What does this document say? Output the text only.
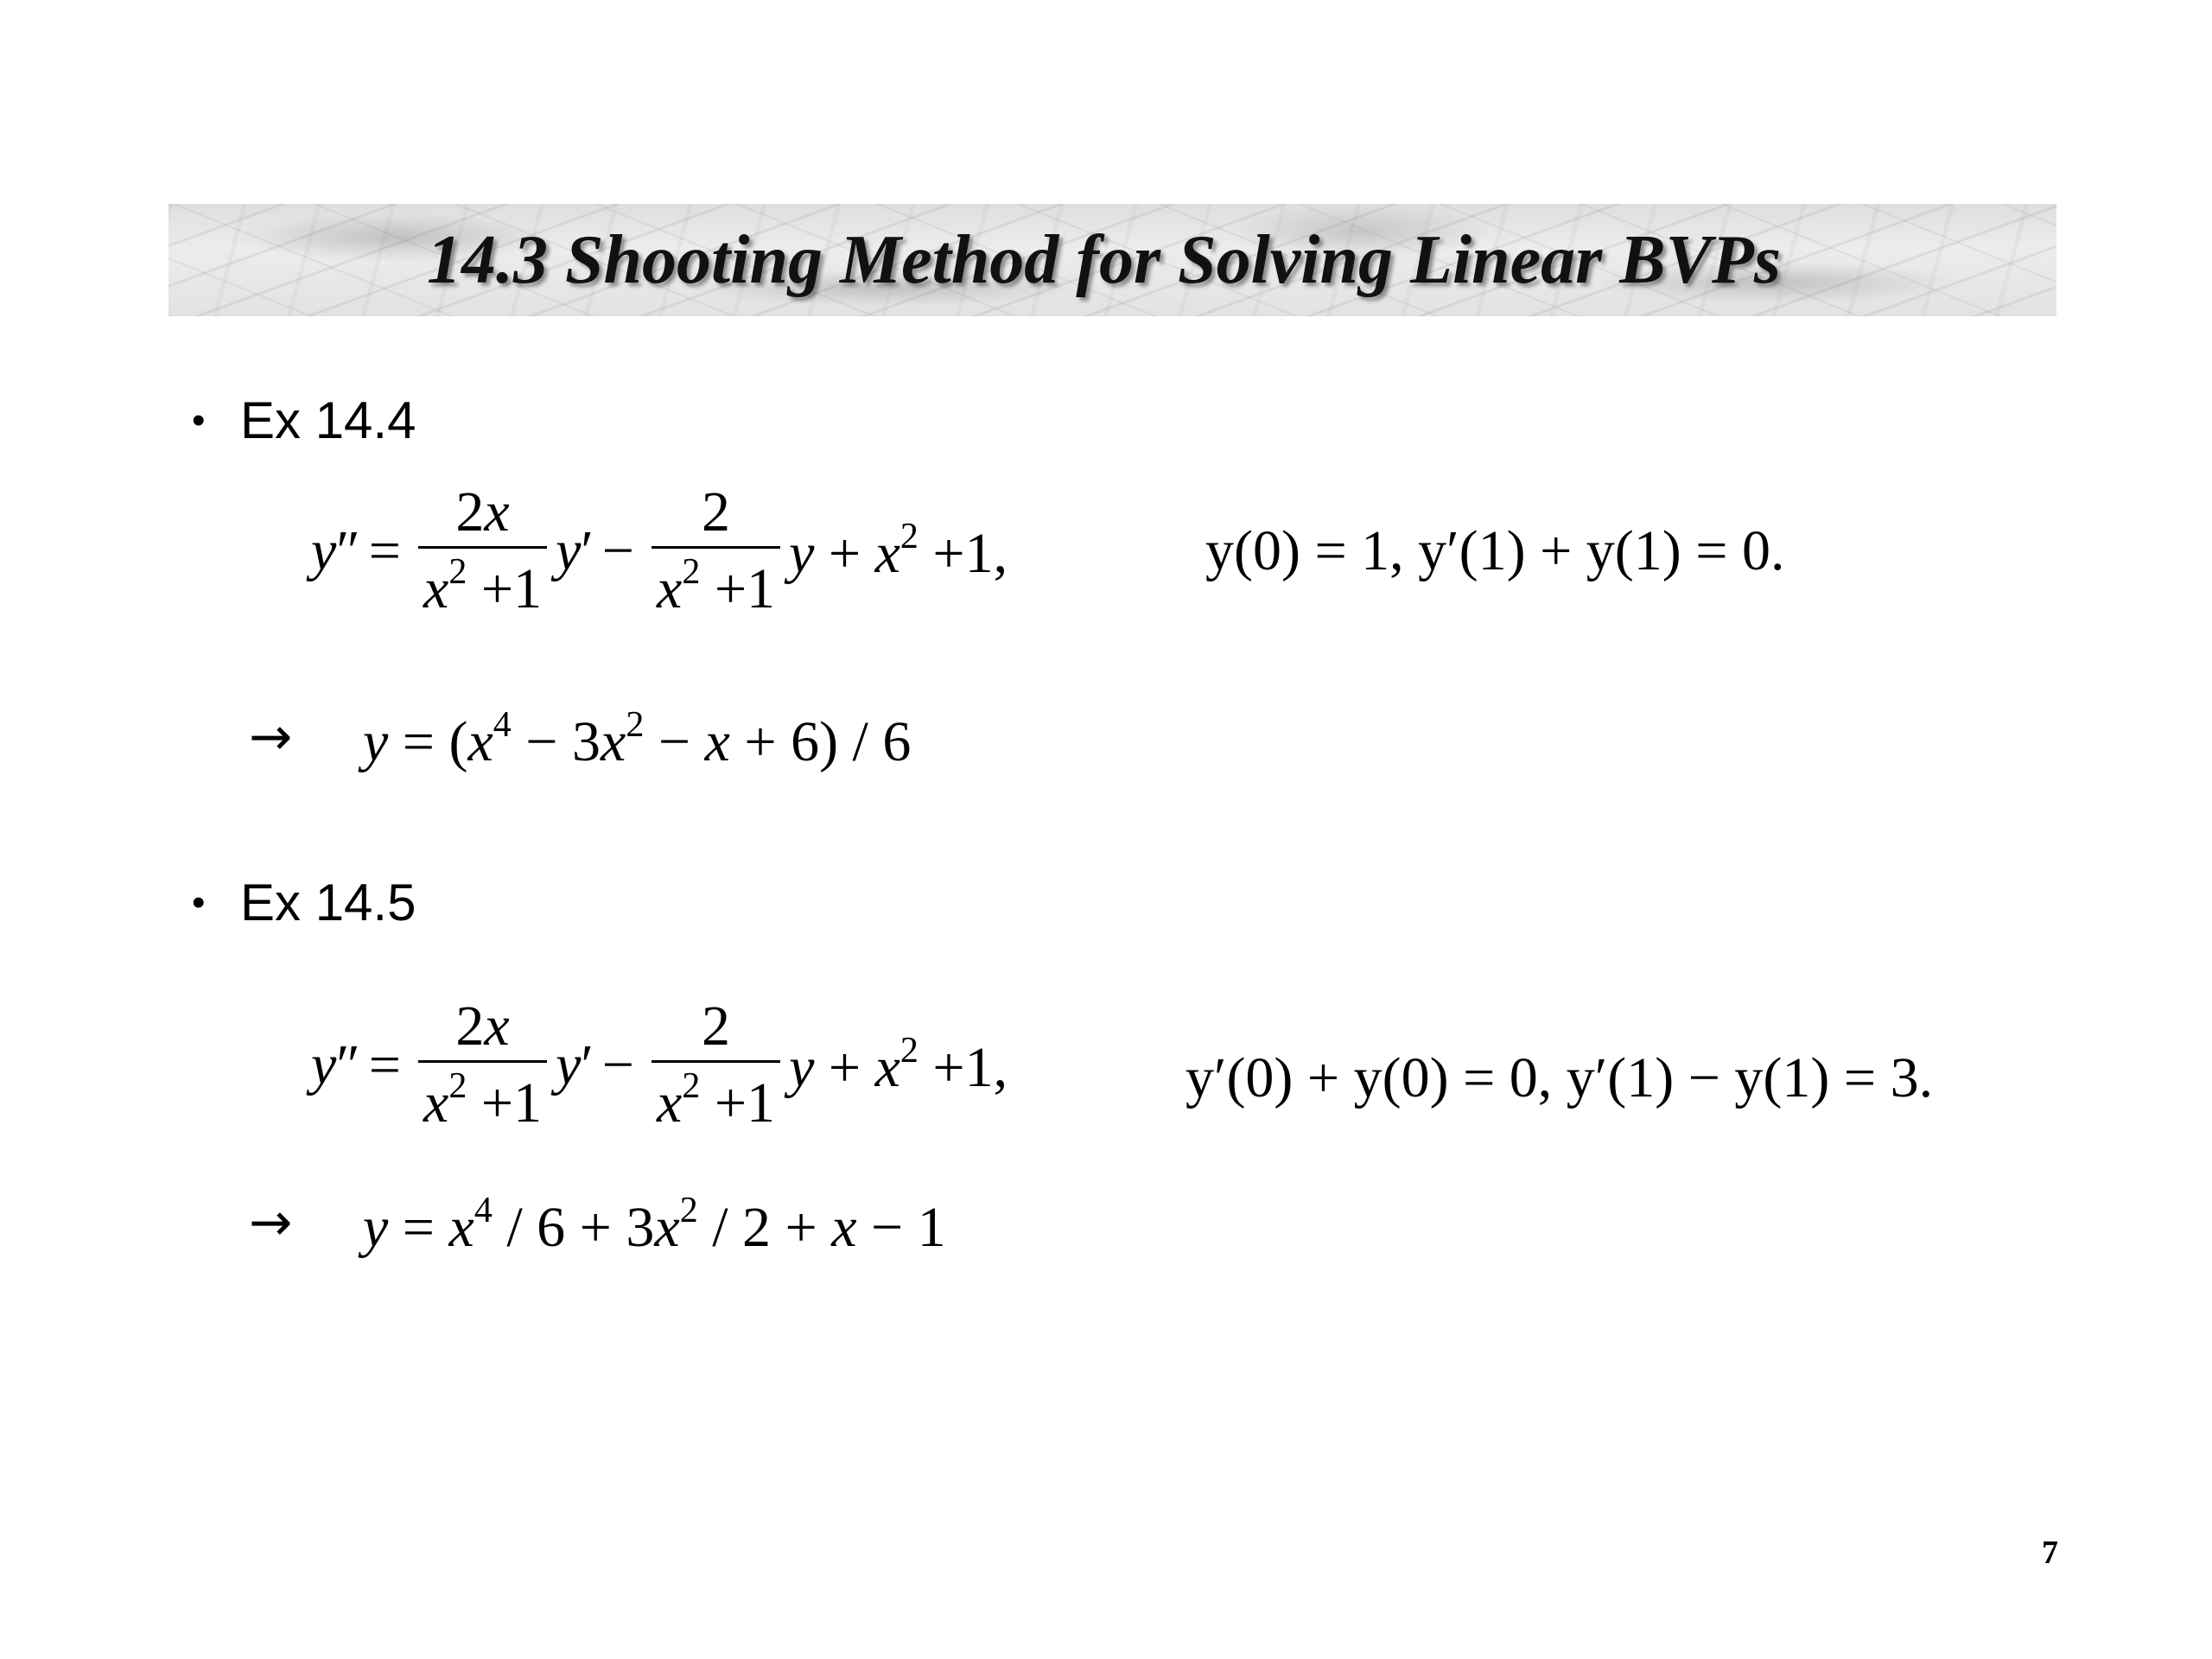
14.3 Shooting Method for Solving Linear BVPs
• Ex 14.4
$y'' = \frac{2x}{x^2 +1} y' - \frac{2}{x^2 +1}$ $y + x^2 +1$,	y(0) = 1, y′(1) + y(1) = 0.
→ $y = (x^4 - 3x^2 - x + 6) / 6$
• Ex 14.5
$y'' = \frac{2x}{x^2 +1} y' - \frac{2}{x^2 +1}$ $y + x^2 +1$,	y′(0) + y(0) = 0, y′(1) − y(1) = 3.
→ $y = x^4 / 6 + 3x^2 / 2 + x - 1$
7
